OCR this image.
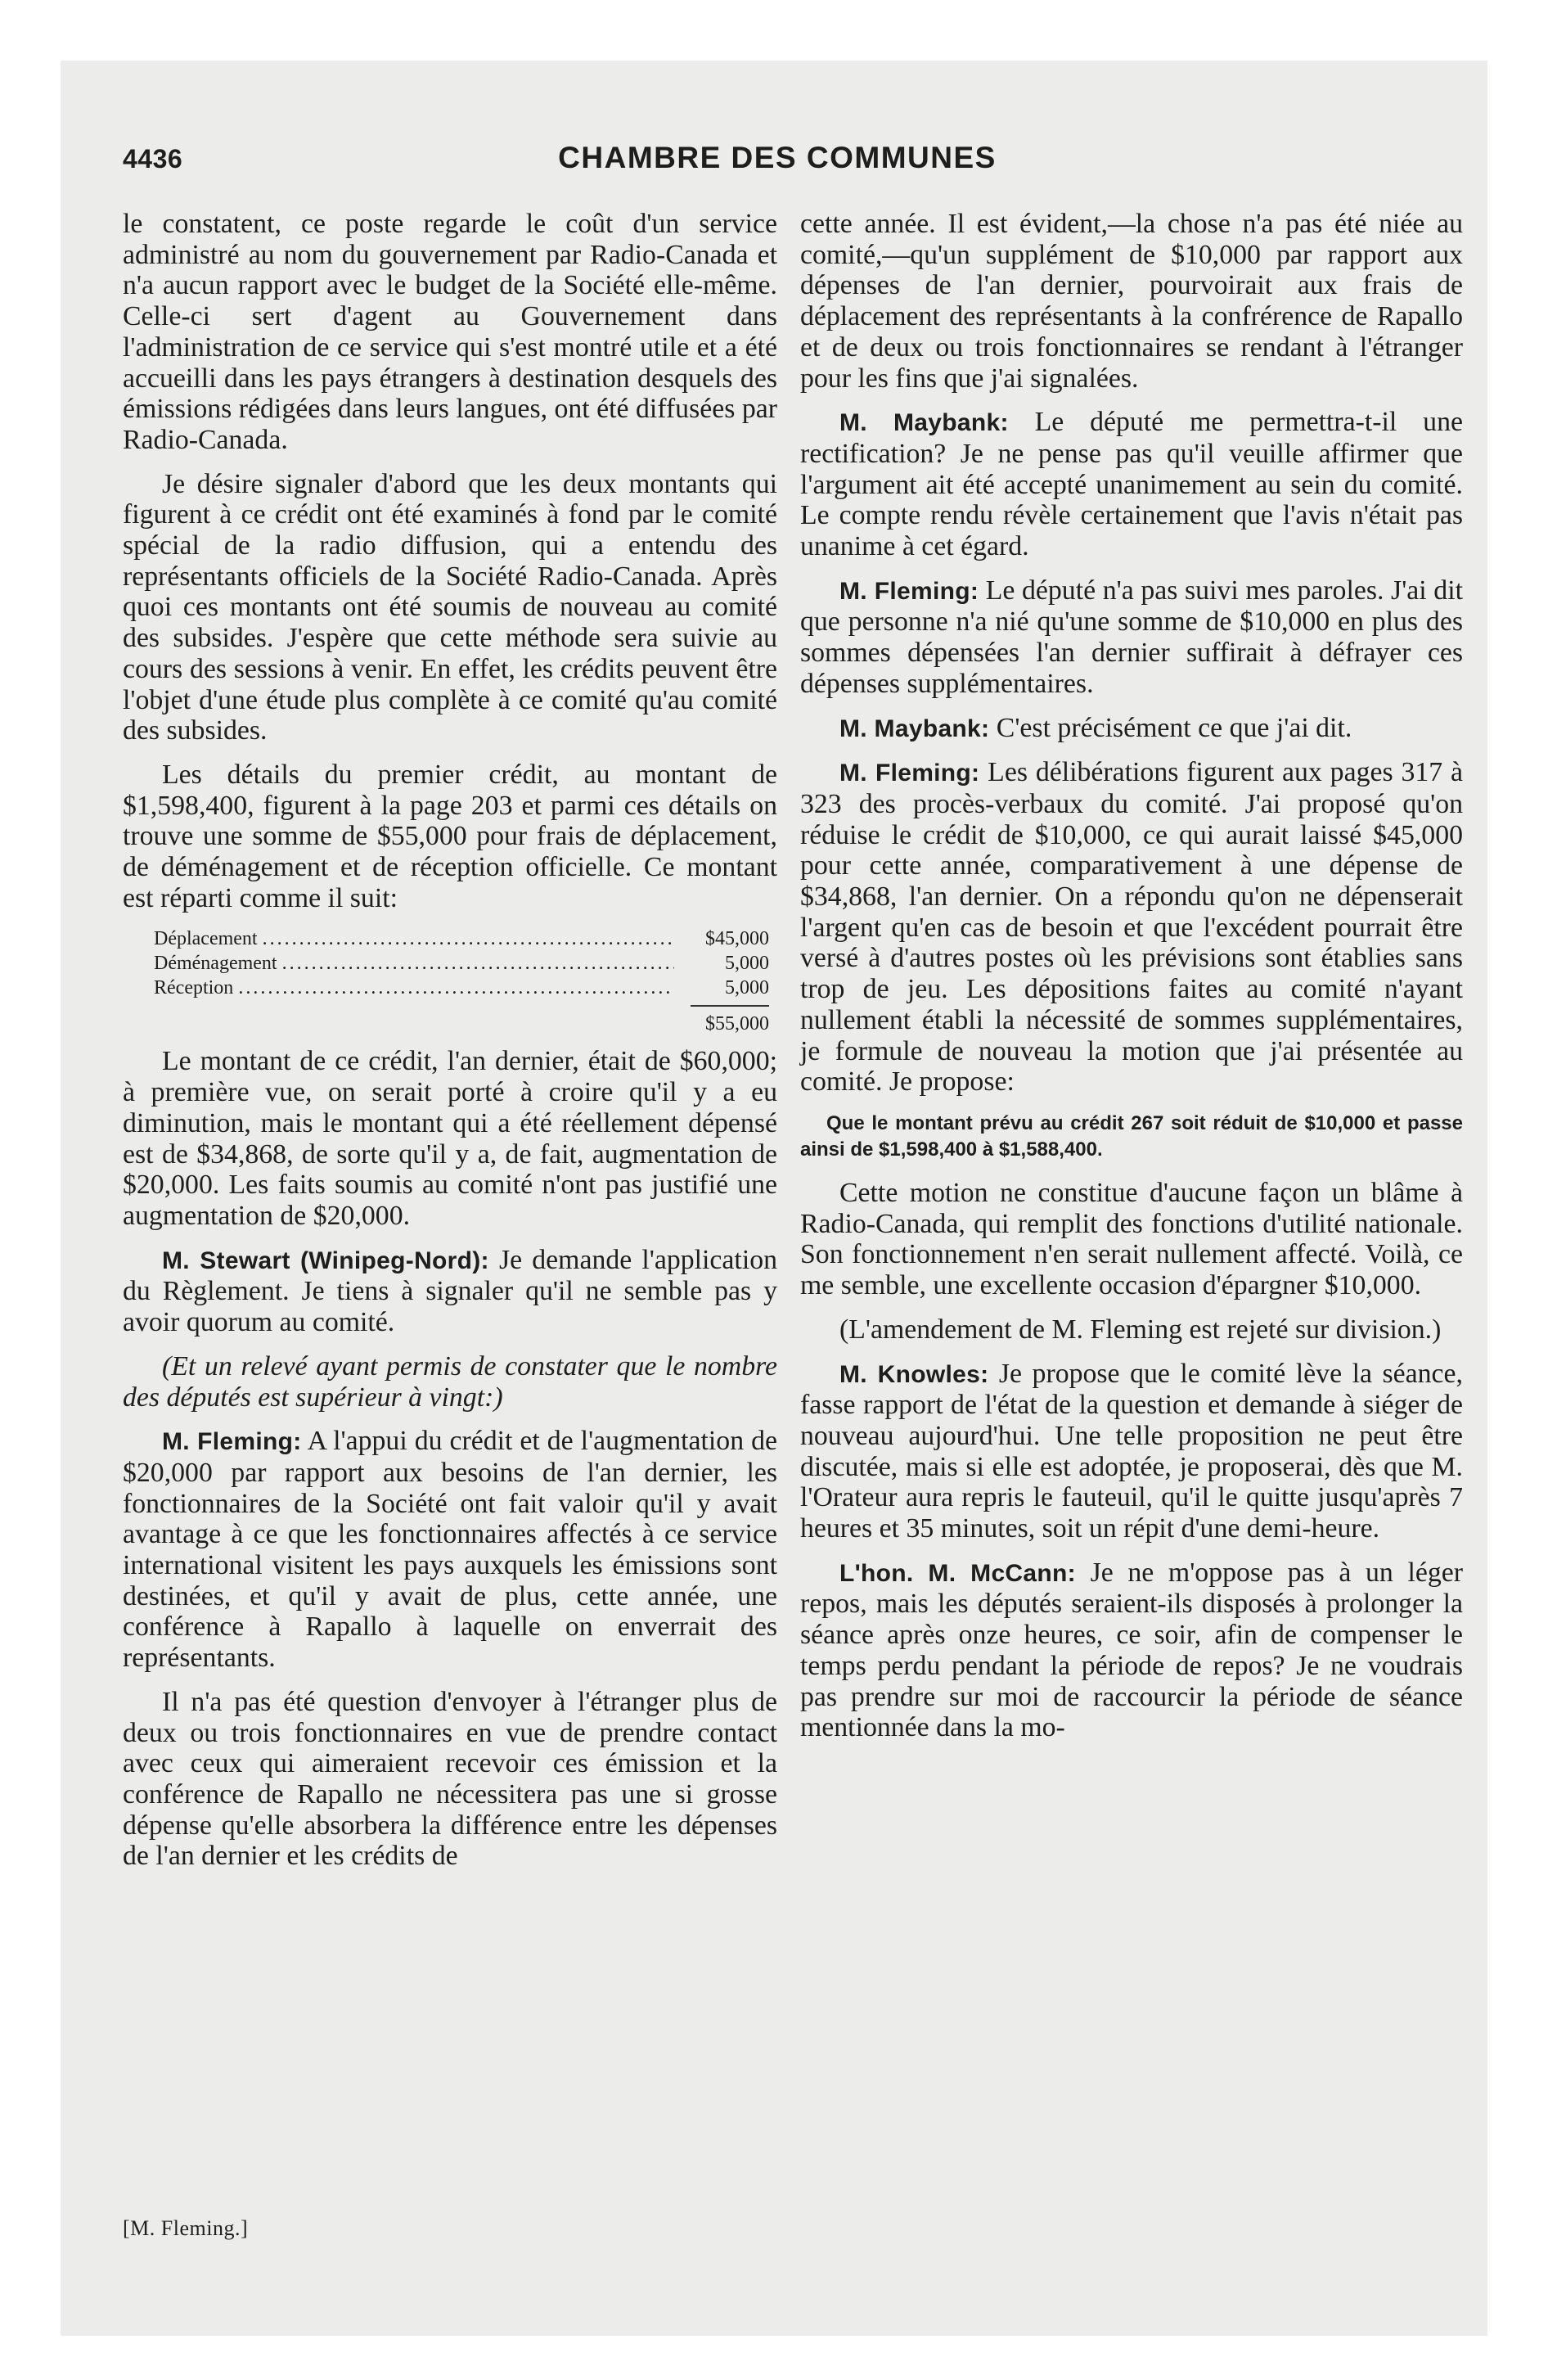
4436	CHAMBRE DES COMMUNES

le constatent, ce poste regarde le coût d'un service administré au nom du gouvernement par Radio-Canada et n'a aucun rapport avec le budget de la Société elle-même. Celle-ci sert d'agent au Gouvernement dans l'administration de ce service qui s'est montré utile et a été accueilli dans les pays étrangers à destination desquels des émissions rédigées dans leurs langues, ont été diffusées par Radio-Canada.

Je désire signaler d'abord que les deux montants qui figurent à ce crédit ont été examinés à fond par le comité spécial de la radio diffusion, qui a entendu des représentants officiels de la Société Radio-Canada. Après quoi ces montants ont été soumis de nouveau au comité des subsides. J'espère que cette méthode sera suivie au cours des sessions à venir. En effet, les crédits peuvent être l'objet d'une étude plus complète à ce comité qu'au comité des subsides.

Les détails du premier crédit, au montant de $1,598,400, figurent à la page 203 et parmi ces détails on trouve une somme de $55,000 pour frais de déplacement, de déménagement et de réception officielle. Ce montant est réparti comme il suit:

Déplacement .....	$45,000
Déménagement .....	5,000
Réception .....	5,000
$55,000

Le montant de ce crédit, l'an dernier, était de $60,000; à première vue, on serait porté à croire qu'il y a eu diminution, mais le montant qui a été réellement dépensé est de $34,868, de sorte qu'il y a, de fait, augmentation de $20,000. Les faits soumis au comité n'ont pas justifié une augmentation de $20,000.

M. Stewart (Winipeg-Nord): Je demande l'application du Règlement. Je tiens à signaler qu'il ne semble pas y avoir quorum au comité.

(Et un relevé ayant permis de constater que le nombre des députés est supérieur à vingt:)

M. Fleming: A l'appui du crédit et de l'augmentation de $20,000 par rapport aux besoins de l'an dernier, les fonctionnaires de la Société ont fait valoir qu'il y avait avantage à ce que les fonctionnaires affectés à ce service international visitent les pays auxquels les émissions sont destinées, et qu'il y avait de plus, cette année, une conférence à Rapallo à laquelle on enverrait des représentants.

Il n'a pas été question d'envoyer à l'étranger plus de deux ou trois fonctionnaires en vue de prendre contact avec ceux qui aimeraient recevoir ces émission et la conférence de Rapallo ne nécessitera pas une si grosse dépense qu'elle absorbera la différence entre les dépenses de l'an dernier et les crédits de

cette année. Il est évident,—la chose n'a pas été niée au comité,—qu'un supplément de $10,000 par rapport aux dépenses de l'an dernier, pourvoirait aux frais de déplacement des représentants à la confrérence de Rapallo et de deux ou trois fonctionnaires se rendant à l'étranger pour les fins que j'ai signalées.

M. Maybank: Le député me permettra-t-il une rectification? Je ne pense pas qu'il veuille affirmer que l'argument ait été accepté unanimement au sein du comité. Le compte rendu révèle certainement que l'avis n'était pas unanime à cet égard.

M. Fleming: Le député n'a pas suivi mes paroles. J'ai dit que personne n'a nié qu'une somme de $10,000 en plus des sommes dépensées l'an dernier suffirait à défrayer ces dépenses supplémentaires.

M. Maybank: C'est précisément ce que j'ai dit.

M. Fleming: Les délibérations figurent aux pages 317 à 323 des procès-verbaux du comité. J'ai proposé qu'on réduise le crédit de $10,000, ce qui aurait laissé $45,000 pour cette année, comparativement à une dépense de $34,868, l'an dernier. On a répondu qu'on ne dépenserait l'argent qu'en cas de besoin et que l'excédent pourrait être versé à d'autres postes où les prévisions sont établies sans trop de jeu. Les dépositions faites au comité n'ayant nullement établi la nécessité de sommes supplémentaires, je formule de nouveau la motion que j'ai présentée au comité. Je propose:

Que le montant prévu au crédit 267 soit réduit de $10,000 et passe ainsi de $1,598,400 à $1,588,400.

Cette motion ne constitue d'aucune façon un blâme à Radio-Canada, qui remplit des fonctions d'utilité nationale. Son fonctionnement n'en serait nullement affecté. Voilà, ce me semble, une excellente occasion d'épargner $10,000.

(L'amendement de M. Fleming est rejeté sur division.)

M. Knowles: Je propose que le comité lève la séance, fasse rapport de l'état de la question et demande à siéger de nouveau aujourd'hui. Une telle proposition ne peut être discutée, mais si elle est adoptée, je proposerai, dès que M. l'Orateur aura repris le fauteuil, qu'il le quitte jusqu'après 7 heures et 35 minutes, soit un répit d'une demi-heure.

L'hon. M. McCann: Je ne m'oppose pas à un léger repos, mais les députés seraient-ils disposés à prolonger la séance après onze heures, ce soir, afin de compenser le temps perdu pendant la période de repos? Je ne voudrais pas prendre sur moi de raccourcir la période de séance mentionnée dans la mo-

[M. Fleming.]
